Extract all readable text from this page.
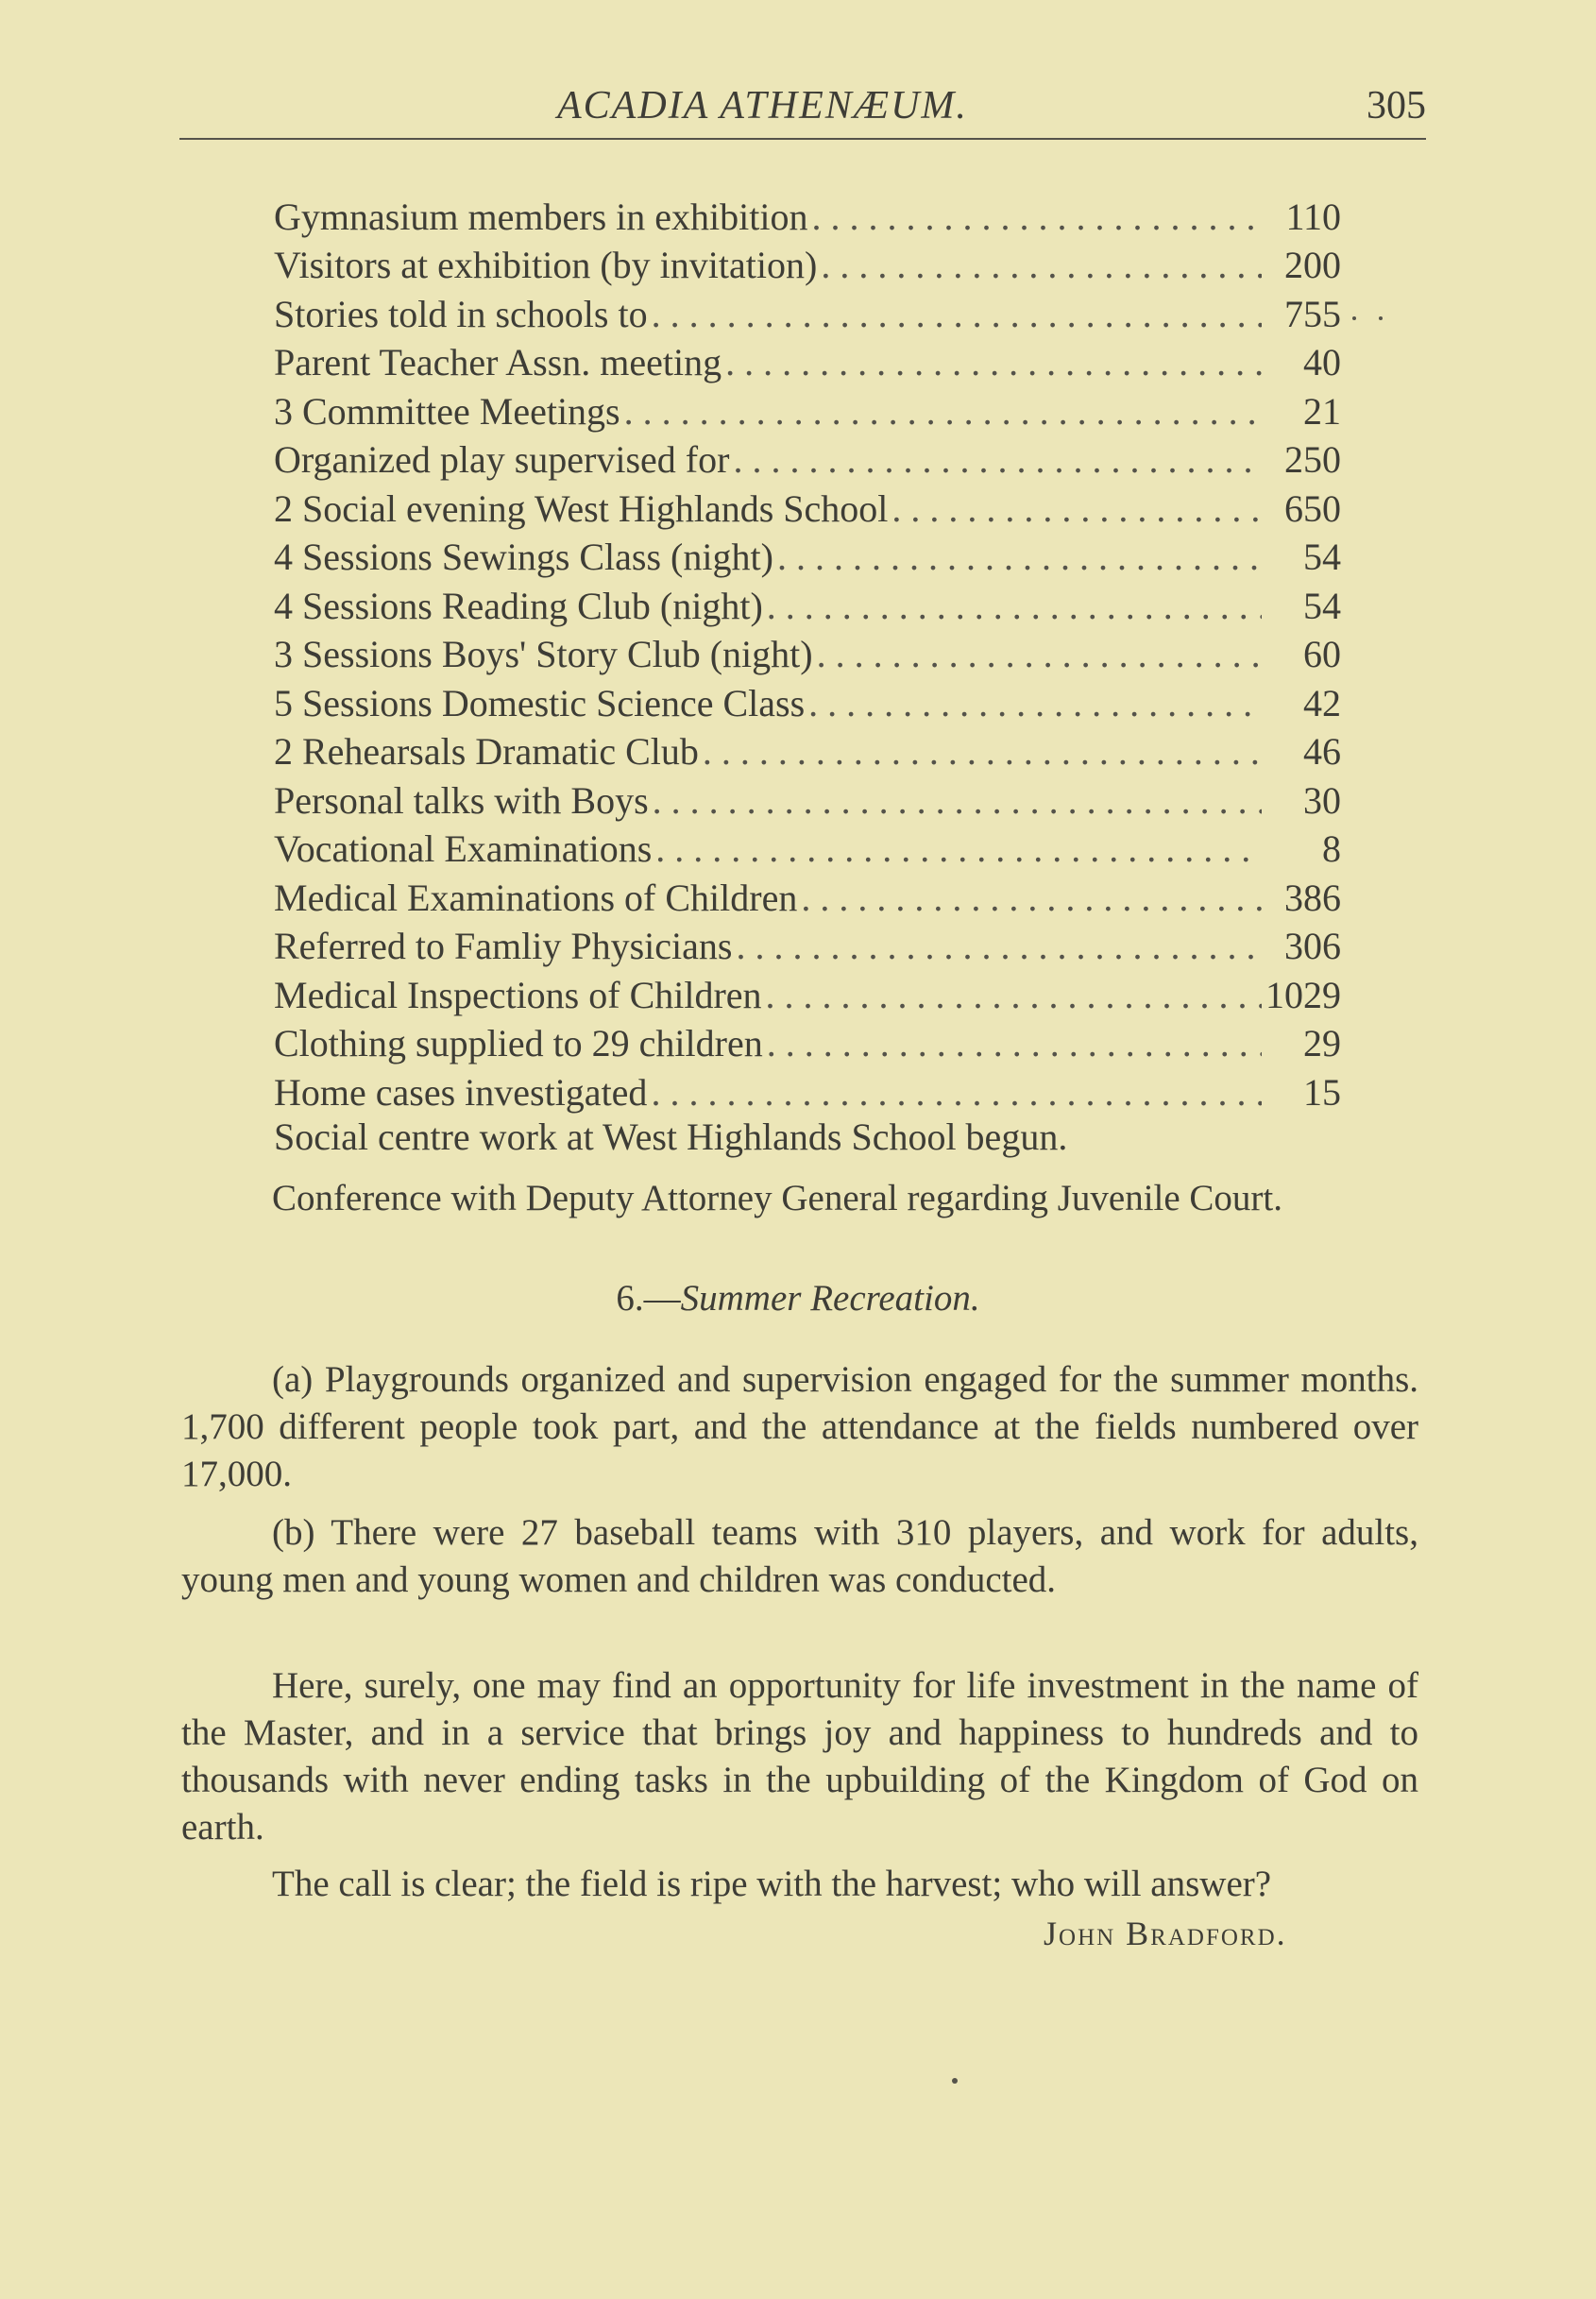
ACADIA ATHENÆUM.	305
Gymnasium members in exhibition . . .	110
Visitors at exhibition (by invitation) . . .	200
Stories told in schools to . . .	755
Parent Teacher Assn. meeting . . .	40
3 Committee Meetings . . .	21
Organized play supervised for . . .	250
2 Social evening West Highlands School . . .	650
4 Sessions Sewings Class (night) . . .	54
4 Sessions Reading Club (night) . . .	54
3 Sessions Boys' Story Club (night) . . .	60
5 Sessions Domestic Science Class . . .	42
2 Rehearsals Dramatic Club . . .	46
Personal talks with Boys . . .	30
Vocational Examinations . . .	8
Medical Examinations of Children . . .	386
Referred to Famliy Physicians . . .	306
Medical Inspections of Children . . .	1029
Clothing supplied to 29 children . . .	29
Home cases investigated . . .	15
Social centre work at West Highlands School begun.

Conference with Deputy Attorney General regarding Juvenile Court.

6.—Summer Recreation.

(a) Playgrounds organized and supervision engaged for the summer months. 1,700 different people took part, and the attendance at the fields numbered over 17,000.

(b) There were 27 baseball teams with 310 players, and work for adults, young men and young women and children was conducted.

Here, surely, one may find an opportunity for life investment in the name of the Master, and in a service that brings joy and happiness to hundreds and to thousands with never ending tasks in the upbuilding of the Kingdom of God on earth.

The call is clear; the field is ripe with the harvest; who will answer?

John Bradford.
